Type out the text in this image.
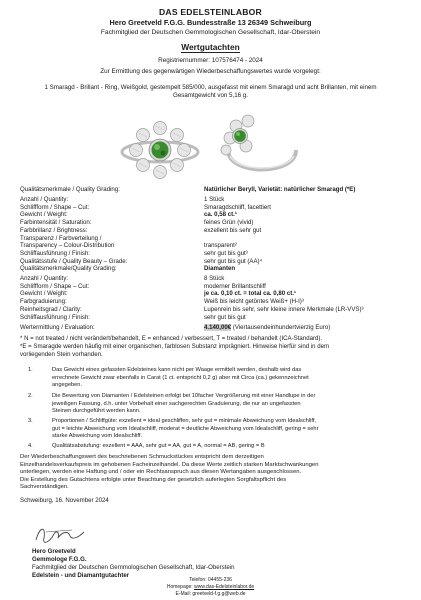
DAS EDELSTEINLABOR
Hero Greetveld F.G.G. Bundesstraße 13 26349 Schweiburg
Fachmitglied der Deutschen Gemmologischen Gesellschaft, Idar-Oberstein
Wertgutachten
Registriernummer: 107576474 - 2024
Zur Ermittlung des gegenwärtigen Wiederbeschaffungswertes wurde vorgelegt:
1 Smaragd - Brillant - Ring, Weißgold, gestempelt 585/000, ausgefasst mit einem Smaragd und acht Brillanten, mit einem Gesamtgewicht von 5,16 g.
Qualitätsmerkmale / Quality Grading:	Natürlicher Beryll, Varietät: natürlicher Smaragd (*E)
Anzahl / Quantity:	1 Stück
Schliffform / Shape – Cut:	Smaragdschliff, facettiert
Gewicht / Weight:	ca. 0,58 ct.¹
Farbintensität / Saturation:	feines Grün (vivid)
Farbbrillanz / Brightness:	exzellent bis sehr gut
Transparenz / Farbverteilung /
Transparency – Colour-Distribution	transparent²
Schliffausführung / Finish:	sehr gut bis gut³
Qualitätsstufe / Quality Beauty – Grade:	sehr gut bis gut (AA)⁴
Qualitätsmerkmale/Quality Grading:	Diamanten
Anzahl / Quantity:	8 Stück
Schliffform / Shape – Cut:	moderner Brillantschliff
Gewicht / Weight:	je ca. 0,10 ct. = total ca. 0,80 ct.¹
Farbgraduierung:	Weiß bis leicht getöntes Weiß+ (H-I)³
Reinheitsgrad / Clarity:	Lupenrein bis sehr, sehr kleine innere Merkmale (LR-VVS)³
Schliffausführung / Finish:	sehr gut bis gut
Wertermittlung / Evaluation:	4.140,00€ (Viertausendeinhundertvierzig Euro)
* N = not treated / nicht verändert/behandelt, E = enhanced / verbessert, T = treated / behandelt (ICA-Standard).
*E = Smaragde werden häufig mit einer organischen, farblosen Substanz imprägniert. Hinweise hierfür sind in dem
vorliegenden Stein vorhanden.
1.	Das Gewicht eines gefassten Edelsteines kann nicht per Waage ermittelt werden, deshalb wird das
errechnete Gewicht zwar ebenfalls in Carat (1 ct. entspricht 0,2 g) aber mit Circa (ca.) gekennzeichnet
angegeben.
2.	Die Bewertung von Diamanten / Edelsteinen erfolgt bei 10facher Vergrößerung mit einer Handlupe in der
jeweiligen Fassung, d.h. unter Vorbehalt einer sachgerechten Graduierung, die nur an ungefassten
Steinen durchgeführt werden kann.
3.	Proportionen / Schliffgüte: exzellent = ideal geschliffen, sehr gut = minimale Abweichung vom Idealschliff,
gut = leichte Abweichung vom Idealschliff, moderat = deutliche Abweichung vom Idealschliff, gering = sehr
starke Abweichung vom Idealschliff.
4.	Qualitätsabstufung: exzellent = AAA, sehr gut = AA, gut = A, normal = AB, gering = B
Der Wiederbeschaffungswert des beschriebenen Schmuckstückes entspricht dem derzeitigen
Einzelhandelsverkaufspreis im gehobenen Facheinzelhandel. Da diese Werte zeitlich starken Marktschwankungen
unterliegen, werden eine Haftung und / oder ein Rechtsanspruch aus diesen Wertangaben ausgeschlossen.
Die Erstellung des Gutachtens erfolgte unter Beachtung der gesetzlich auferlegten Sorgfaltspflicht des
Sachverständigen.
Schweiburg, 16. November 2024
Hero Greetveld
Gemmologe F.G.G.
Fachmitglied der Deutschen Gemmologischen Gesellschaft, Idar-Oberstein
Edelstein - und Diamantgutachter
Telefon: 04455-236
Homepage: www.das-Edelsteinlabor.de
E-Mail: greetveld-f.g.g@web.de
